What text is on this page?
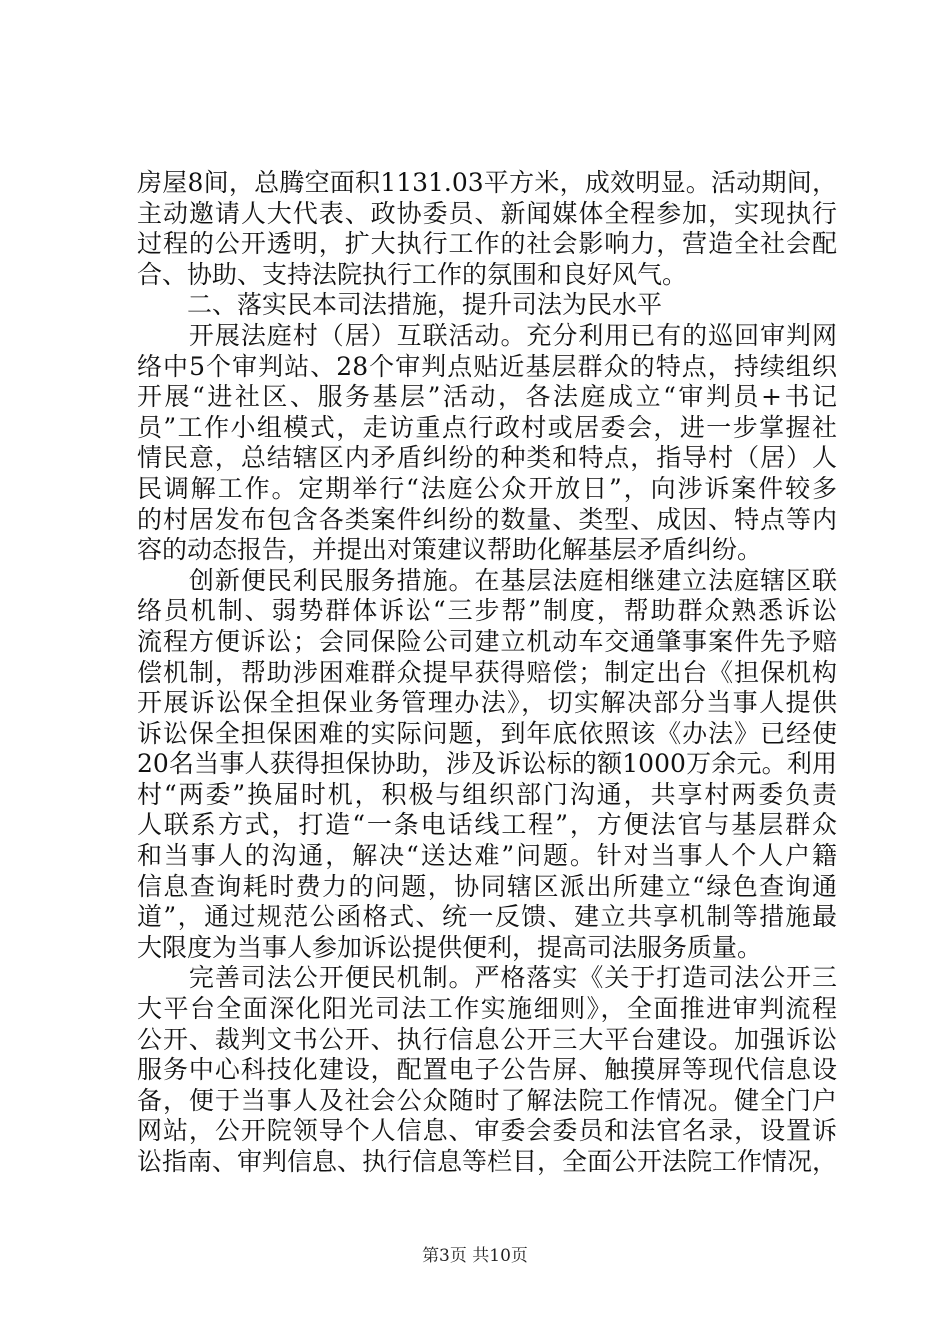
房屋8间，总腾空面积1131.03平方米，成效明显。活动期间，
主动邀请人大代表、政协委员、新闻媒体全程参加，实现执行
过程的公开透明，扩大执行工作的社会影响力，营造全社会配
合、协助、支持法院执行工作的氛围和良好风气。
　　二、落实民本司法措施，提升司法为民水平
　　开展法庭村（居）互联活动。充分利用已有的巡回审判网
络中5个审判站、28个审判点贴近基层群众的特点，持续组织
开展“进社区、服务基层”活动，各法庭成立“审判员+书记
员”工作小组模式，走访重点行政村或居委会，进一步掌握社
情民意，总结辖区内矛盾纠纷的种类和特点，指导村（居）人
民调解工作。定期举行“法庭公众开放日”，向涉诉案件较多
的村居发布包含各类案件纠纷的数量、类型、成因、特点等内
容的动态报告，并提出对策建议帮助化解基层矛盾纠纷。
　　创新便民利民服务措施。在基层法庭相继建立法庭辖区联
络员机制、弱势群体诉讼“三步帮”制度，帮助群众熟悉诉讼
流程方便诉讼；会同保险公司建立机动车交通肇事案件先予赔
偿机制，帮助涉困难群众提早获得赔偿；制定出台《担保机构
开展诉讼保全担保业务管理办法》，切实解决部分当事人提供
诉讼保全担保困难的实际问题，到年底依照该《办法》已经使
20名当事人获得担保协助，涉及诉讼标的额1000万余元。利用
村“两委”换届时机，积极与组织部门沟通，共享村两委负责
人联系方式，打造“一条电话线工程”，方便法官与基层群众
和当事人的沟通，解决“送达难”问题。针对当事人个人户籍
信息查询耗时费力的问题，协同辖区派出所建立“绿色查询通
道”，通过规范公函格式、统一反馈、建立共享机制等措施最
大限度为当事人参加诉讼提供便利，提高司法服务质量。
　　完善司法公开便民机制。严格落实《关于打造司法公开三
大平台全面深化阳光司法工作实施细则》，全面推进审判流程
公开、裁判文书公开、执行信息公开三大平台建设。加强诉讼
服务中心科技化建设，配置电子公告屏、触摸屏等现代信息设
备，便于当事人及社会公众随时了解法院工作情况。健全门户
网站，公开院领导个人信息、审委会委员和法官名录，设置诉
讼指南、审判信息、执行信息等栏目，全面公开法院工作情况，
第3页 共10页
